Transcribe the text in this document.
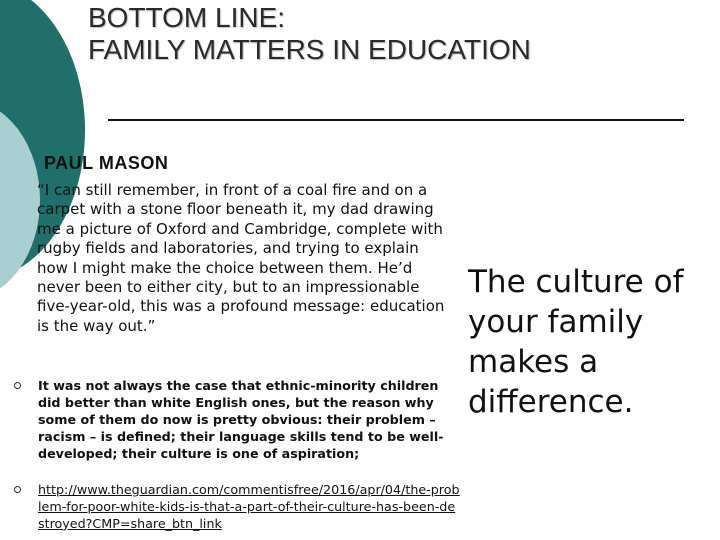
BOTTOM LINE:
FAMILY MATTERS IN EDUCATION
PAUL MASON
“I can still remember, in front of a coal fire and on a carpet with a stone floor beneath it, my dad drawing me a picture of Oxford and Cambridge, complete with rugby fields and laboratories, and trying to explain how I might make the choice between them. He’d never been to either city, but to an impressionable five-year-old, this was a profound message: education is the way out.”
It was not always the case that ethnic-minority children did better than white English ones, but the reason why some of them do now is pretty obvious: their problem – racism – is defined; their language skills tend to be well-developed; their culture is one of aspiration;
http://www.theguardian.com/commentisfree/2016/apr/04/the-problem-for-poor-white-kids-is-that-a-part-of-their-culture-has-been-destroyed?CMP=share_btn_link
The culture of your family makes a difference.
